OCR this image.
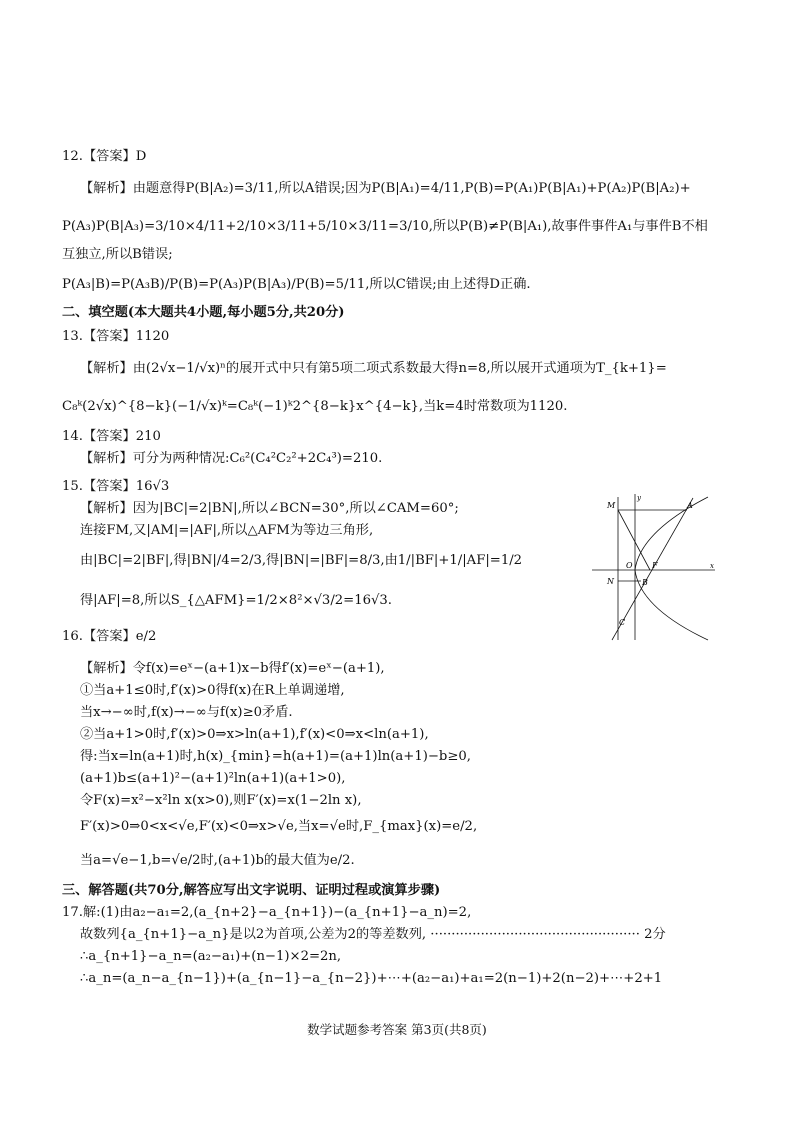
12.【答案】D
【解析】由题意得P(B|A₂)=3/11,所以A错误;因为P(B|A₁)=4/11,P(B)=P(A₁)P(B|A₁)+P(A₂)P(B|A₂)+
P(A₃)P(B|A₃)=3/10×4/11+2/10×3/11+5/10×3/11=3/10,所以P(B)≠P(B|A₁),故事件事件A₁与事件B不相
互独立,所以B错误;
P(A₃|B)=P(A₃B)/P(B)=P(A₃)P(B|A₃)/P(B)=5/11,所以C错误;由上述得D正确.
二、填空题(本大题共4小题,每小题5分,共20分)
13.【答案】1120
【解析】由(2√x−1/√x)ⁿ的展开式中只有第5项二项式系数最大得n=8,所以展开式通项为T_{k+1}=
C₈ᵏ(2√x)^{8−k}(−1/√x)ᵏ=C₈ᵏ(−1)ᵏ2^{8−k}x^{4−k},当k=4时常数项为1120.
14.【答案】210
【解析】可分为两种情况:C₆²(C₄²C₂²+2C₄³)=210.
15.【答案】16√3
【解析】因为|BC|=2|BN|,所以∠BCN=30°,所以∠CAM=60°;
连接FM,又|AM|=|AF|,所以△AFM为等边三角形,
由|BC|=2|BF|,得|BN|/4=2/3,得|BN|=|BF|=8/3,由1/|BF|+1/|AF|=1/2
得|AF|=8,所以S_{△AFM}=1/2×8²×√3/2=16√3.
16.【答案】e/2
【解析】令f(x)=eˣ−(a+1)x−b得f′(x)=eˣ−(a+1),
①当a+1≤0时,f′(x)>0得f(x)在R上单调递增,
当x→−∞时,f(x)→−∞与f(x)≥0矛盾.
②当a+1>0时,f′(x)>0⇒x>ln(a+1),f′(x)<0⇒x<ln(a+1),
得:当x=ln(a+1)时,h(x)_{min}=h(a+1)=(a+1)ln(a+1)−b≥0,
(a+1)b≤(a+1)²−(a+1)²ln(a+1)(a+1>0),
令F(x)=x²−x²ln x(x>0),则F′(x)=x(1−2ln x),
F′(x)>0⇒0<x<√e,F′(x)<0⇒x>√e,当x=√e时,F_{max}(x)=e/2,
当a=√e−1,b=√e/2时,(a+1)b的最大值为e/2.
三、解答题(共70分,解答应写出文字说明、证明过程或演算步骤)
17.解:(1)由a₂−a₁=2,(a_{n+2}−a_{n+1})−(a_{n+1}−a_n)=2,
故数列{a_{n+1}−a_n}是以2为首项,公差为2的等差数列, ·················································· 2分
∴a_{n+1}−a_n=(a₂−a₁)+(n−1)×2=2n,
∴a_n=(a_n−a_{n−1})+(a_{n−1}−a_{n−2})+⋯+(a₂−a₁)+a₁=2(n−1)+2(n−2)+⋯+2+1
M	A
O F
N	B
C
x
y
数学试题参考答案 第3页(共8页)
